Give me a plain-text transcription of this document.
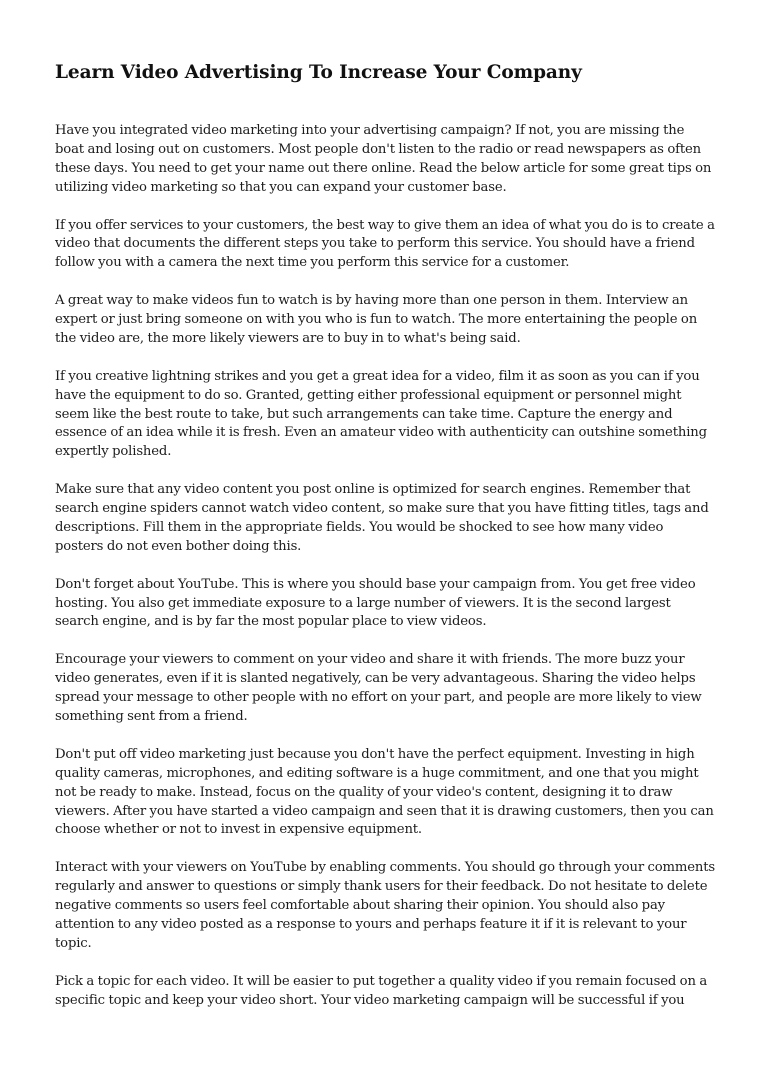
Learn Video Advertising To Increase Your Company

Have you integrated video marketing into your advertising campaign? If not, you are missing the boat and losing out on customers. Most people don't listen to the radio or read newspapers as often these days. You need to get your name out there online. Read the below article for some great tips on utilizing video marketing so that you can expand your customer base.

If you offer services to your customers, the best way to give them an idea of what you do is to create a video that documents the different steps you take to perform this service. You should have a friend follow you with a camera the next time you perform this service for a customer.

A great way to make videos fun to watch is by having more than one person in them. Interview an expert or just bring someone on with you who is fun to watch. The more entertaining the people on the video are, the more likely viewers are to buy in to what's being said.

If you creative lightning strikes and you get a great idea for a video, film it as soon as you can if you have the equipment to do so. Granted, getting either professional equipment or personnel might seem like the best route to take, but such arrangements can take time. Capture the energy and essence of an idea while it is fresh. Even an amateur video with authenticity can outshine something expertly polished.

Make sure that any video content you post online is optimized for search engines. Remember that search engine spiders cannot watch video content, so make sure that you have fitting titles, tags and descriptions. Fill them in the appropriate fields. You would be shocked to see how many video posters do not even bother doing this.

Don't forget about YouTube. This is where you should base your campaign from. You get free video hosting. You also get immediate exposure to a large number of viewers. It is the second largest search engine, and is by far the most popular place to view videos.

Encourage your viewers to comment on your video and share it with friends. The more buzz your video generates, even if it is slanted negatively, can be very advantageous. Sharing the video helps spread your message to other people with no effort on your part, and people are more likely to view something sent from a friend.

Don't put off video marketing just because you don't have the perfect equipment. Investing in high quality cameras, microphones, and editing software is a huge commitment, and one that you might not be ready to make. Instead, focus on the quality of your video's content, designing it to draw viewers. After you have started a video campaign and seen that it is drawing customers, then you can choose whether or not to invest in expensive equipment.

Interact with your viewers on YouTube by enabling comments. You should go through your comments regularly and answer to questions or simply thank users for their feedback. Do not hesitate to delete negative comments so users feel comfortable about sharing their opinion. You should also pay attention to any video posted as a response to yours and perhaps feature it if it is relevant to your topic.

Pick a topic for each video. It will be easier to put together a quality video if you remain focused on a specific topic and keep your video short. Your video marketing campaign will be successful if you
